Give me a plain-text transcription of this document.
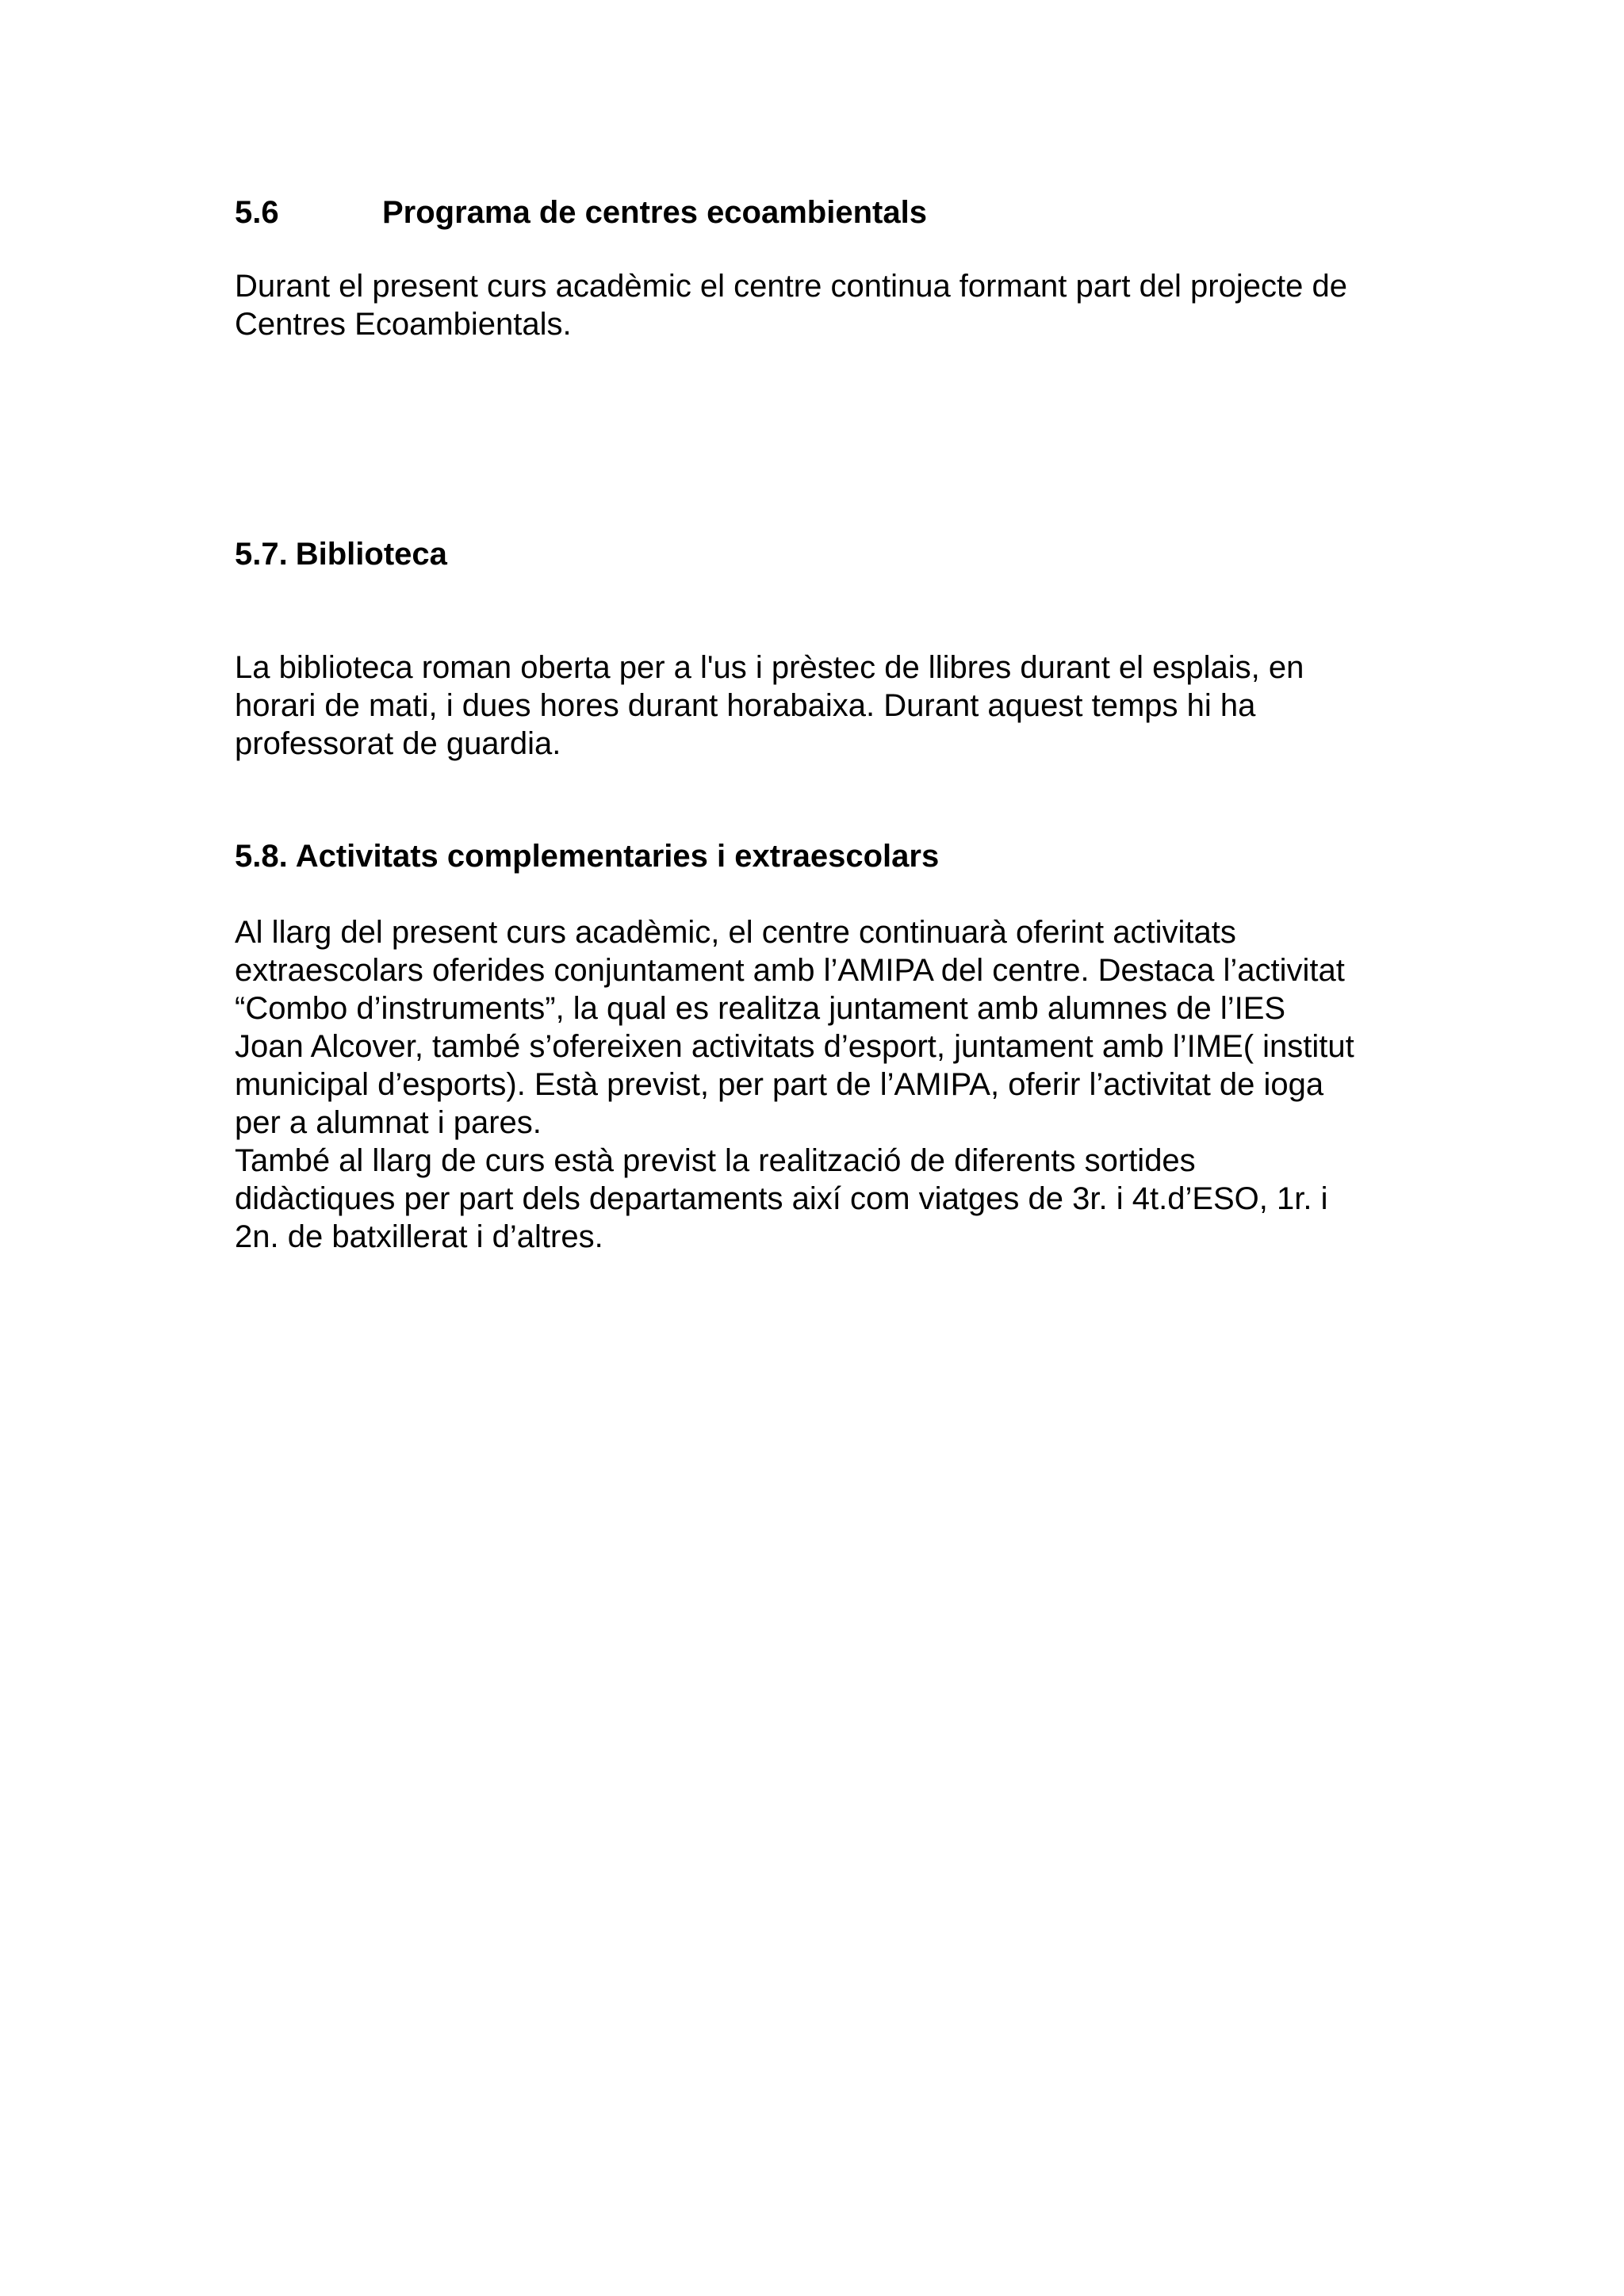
5.6	Programa de centres ecoambientals
Durant el present curs acadèmic el centre continua formant part del projecte de
Centres Ecoambientals.
5.7. Biblioteca
La biblioteca roman oberta per a l'us i prèstec de llibres durant el esplais, en
horari de mati, i dues hores durant horabaixa. Durant aquest temps hi ha
professorat de guardia.
5.8. Activitats complementaries i extraescolars
Al llarg del present curs acadèmic, el centre continuarà oferint activitats
extraescolars oferides conjuntament amb l’AMIPA del centre. Destaca l’activitat
“Combo d’instruments”, la qual es realitza juntament amb alumnes de l’IES
Joan Alcover, també s’ofereixen activitats d’esport, juntament amb l’IME( institut
municipal d’esports). Està previst, per part de l’AMIPA, oferir l’activitat de ioga
per a alumnat i pares.
També al llarg de curs està previst la realització de diferents sortides
didàctiques per part dels departaments així com viatges de 3r. i 4t.d’ESO, 1r. i
2n. de batxillerat i d’altres.
